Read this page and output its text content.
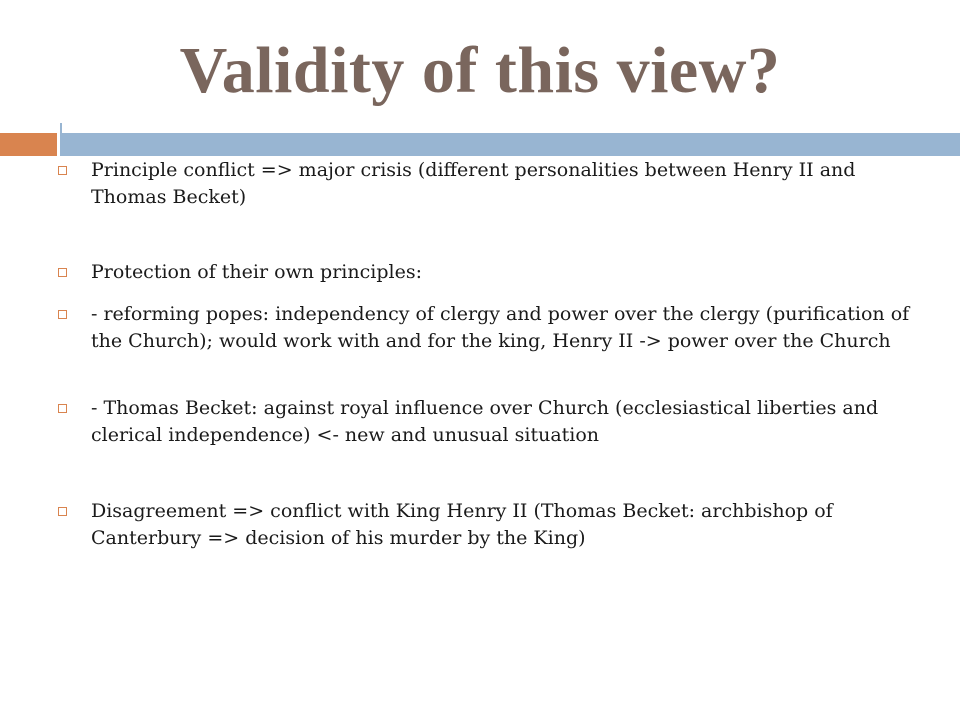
Validity of this view?
Principle conflict => major crisis (different personalities between Henry II and Thomas Becket)
Protection of their own principles:
- reforming popes: independency of clergy and power over the clergy (purification of the Church); would work with and for the king, Henry II -> power over the Church
- Thomas Becket: against royal influence over Church (ecclesiastical liberties and clerical independence) <- new and unusual situation
Disagreement => conflict with King Henry II (Thomas Becket: archbishop of Canterbury => decision of his murder by the King)
